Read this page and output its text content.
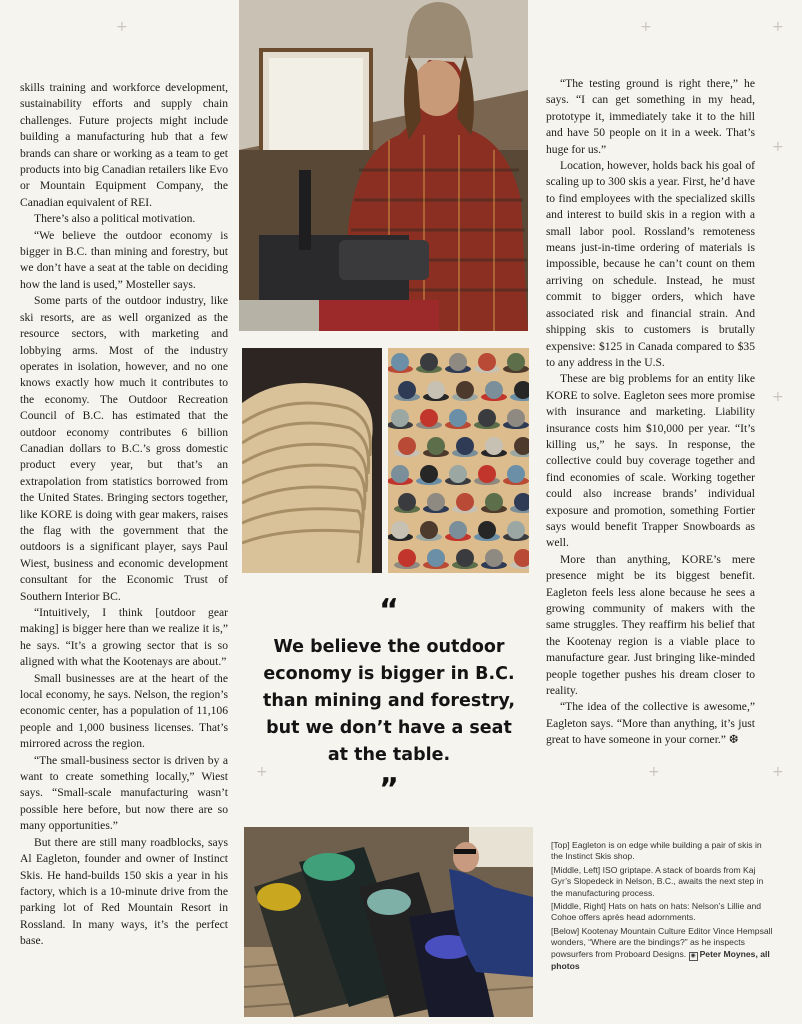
+	+	+
+
+
+	+
+

skills training and workforce development, sustainability efforts and supply chain challenges. Future projects might include building a manufacturing hub that a few brands can share or working as a team to get products into big Canadian retailers like Evo or Mountain Equipment Company, the Canadian equivalent of REI.

There’s also a political motivation.

“We believe the outdoor economy is bigger in B.C. than mining and forestry, but we don’t have a seat at the table on deciding how the land is used,” Mosteller says.

Some parts of the outdoor industry, like ski resorts, are as well organized as the resource sectors, with marketing and lobbying arms. Most of the industry operates in isolation, however, and no one knows exactly how much it contributes to the economy. The Outdoor Recreation Council of B.C. has estimated that the outdoor economy contributes 6 billion Canadian dollars to B.C.’s gross domestic product every year, but that’s an extrapolation from statistics borrowed from the United States. Bringing sectors together, like KORE is doing with gear makers, raises the flag with the government that the outdoors is a significant player, says Paul Wiest, business and economic development consultant for the Economic Trust of Southern Interior BC.

“Intuitively, I think [outdoor gear making] is bigger here than we realize it is,” he says. “It’s a growing sector that is so aligned with what the Kootenays are about.”

Small businesses are at the heart of the local economy, he says. Nelson, the region’s economic center, has a population of 11,106 people and 1,000 business licenses. That’s mirrored across the region.

“The small-business sector is driven by a want to create something locally,” Wiest says. “Small-scale manufacturing wasn’t possible here before, but now there are so many opportunities.”

But there are still many roadblocks, says Al Eagleton, founder and owner of Instinct Skis. He hand-builds 150 skis a year in his factory, which is a 10-minute drive from the parking lot of Red Mountain Resort in Rossland. In many ways, it’s the perfect base.

“
We believe the outdoor economy is bigger in B.C. than mining and forestry, but we don’t have a seat at the table.
”

“The testing ground is right there,” he says. “I can get something in my head, prototype it, immediately take it to the hill and have 50 people on it in a week. That’s huge for us.”

Location, however, holds back his goal of scaling up to 300 skis a year. First, he’d have to find employees with the specialized skills and interest to build skis in a region with a small labor pool. Rossland’s remoteness means just-in-time ordering of materials is impossible, because he can’t count on them arriving on schedule. Instead, he must commit to bigger orders, which have associated risk and financial strain. And shipping skis to customers is brutally expensive: $125 in Canada compared to $35 to any address in the U.S.

These are big problems for an entity like KORE to solve. Eagleton sees more promise with insurance and marketing. Liability insurance costs him $10,000 per year. “It’s killing us,” he says. In response, the collective could buy coverage together and find economies of scale. Working together could also increase brands’ individual exposure and promotion, something Fortier says would benefit Trapper Snowboards as well.

More than anything, KORE’s mere presence might be its biggest benefit. Eagleton feels less alone because he sees a growing community of makers with the same struggles. They reaffirm his belief that the Kootenay region is a viable place to manufacture gear. Just bringing like-minded people together pushes his dream closer to reality.

“The idea of the collective is awesome,” Eagleton says. “More than anything, it’s just great to have someone in your corner.” ❆

[Top] Eagleton is on edge while building a pair of skis in the Instinct Skis shop.

[Middle, Left] ISO griptape. A stack of boards from Kaj Gyr’s Slopedeck in Nelson, B.C., awaits the next step in the manufacturing process.

[Middle, Right] Hats on hats on hats: Nelson’s Lillie and Cohoe offers après head adornments.

[Below] Kootenay Mountain Culture Editor Vince Hempsall wonders, “Where are the bindings?” as he inspects powsurfers from Proboard Designs. ◉ Peter Moynes, all photos
